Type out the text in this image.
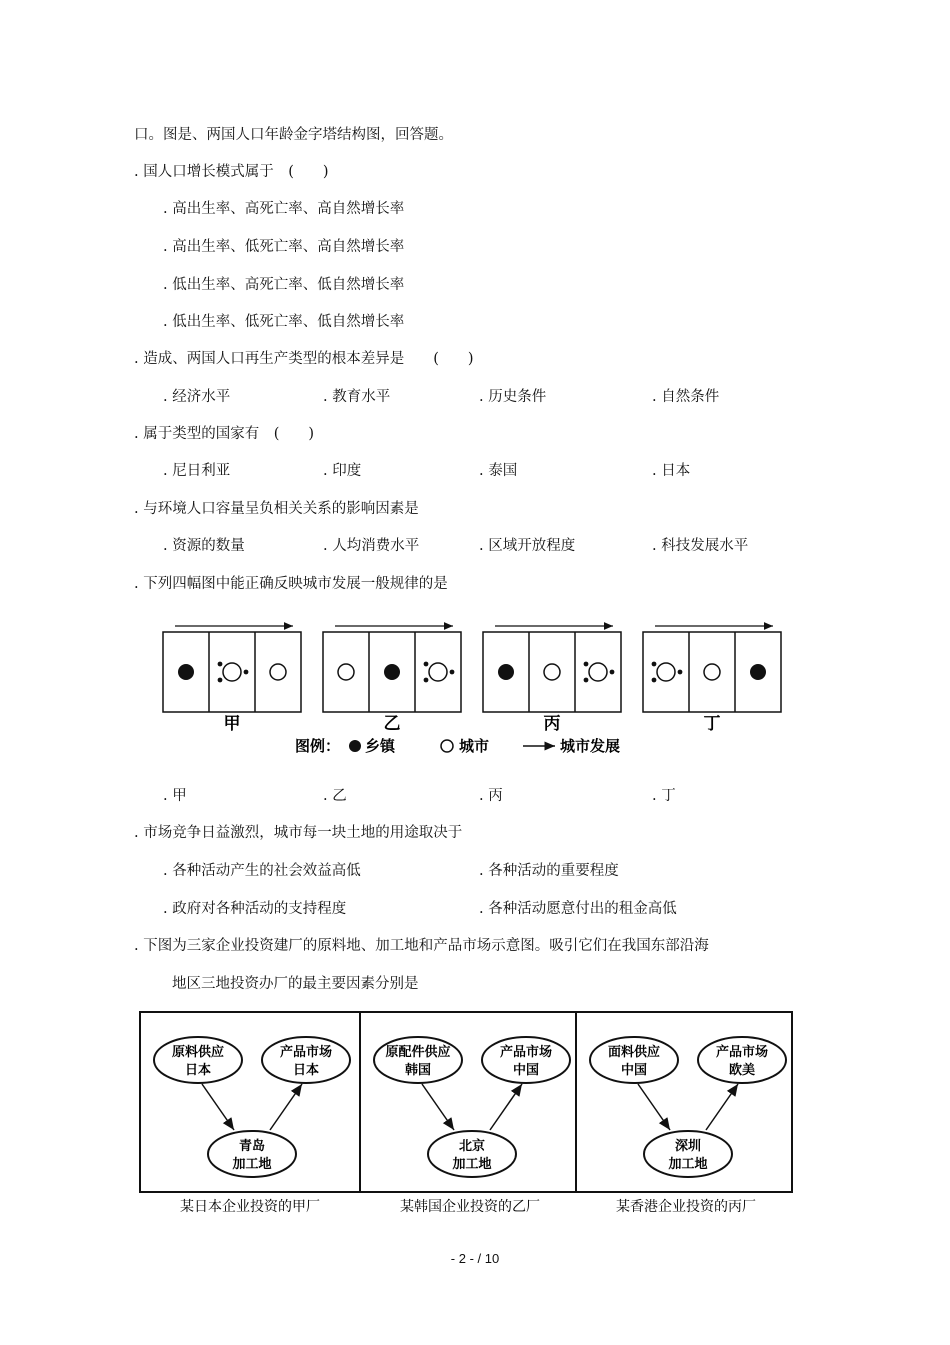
口。图是、两国人口年龄金字塔结构图，回答题。
. 国人口增长模式属于　(　　)
. 高出生率、高死亡率、高自然增长率
. 高出生率、低死亡率、高自然增长率
. 低出生率、高死亡率、低自然增长率
. 低出生率、低死亡率、低自然增长率
. 造成、两国人口再生产类型的根本差异是　　(　　)
. 经济水平	. 教育水平	. 历史条件	. 自然条件
. 属于类型的国家有　(　　)
. 尼日利亚	. 印度	. 泰国	. 日本
. 与环境人口容量呈负相关关系的影响因素是
. 资源的数量	. 人均消费水平	. 区域开放程度	. 科技发展水平
. 下列四幅图中能正确反映城市发展一般规律的是
甲	乙	丙	丁
图例： 乡镇	城市	城市发展
. 甲	. 乙	. 丙	. 丁
. 市场竞争日益激烈，城市每一块土地的用途取决于
. 各种活动产生的社会效益高低	. 各种活动的重要程度
. 政府对各种活动的支持程度	. 各种活动愿意付出的租金高低
. 下图为三家企业投资建厂的原料地、加工地和产品市场示意图。吸引它们在我国东部沿海
地区三地投资办厂的最主要因素分别是
原料供应
日本
产品市场
日本
青岛
加工地
某日本企业投资的甲厂
原配件供应
韩国
产品市场
中国
北京
加工地
某韩国企业投资的乙厂
面料供应
中国
产品市场
欧美
深圳
加工地
某香港企业投资的丙厂
- 2 - / 10
